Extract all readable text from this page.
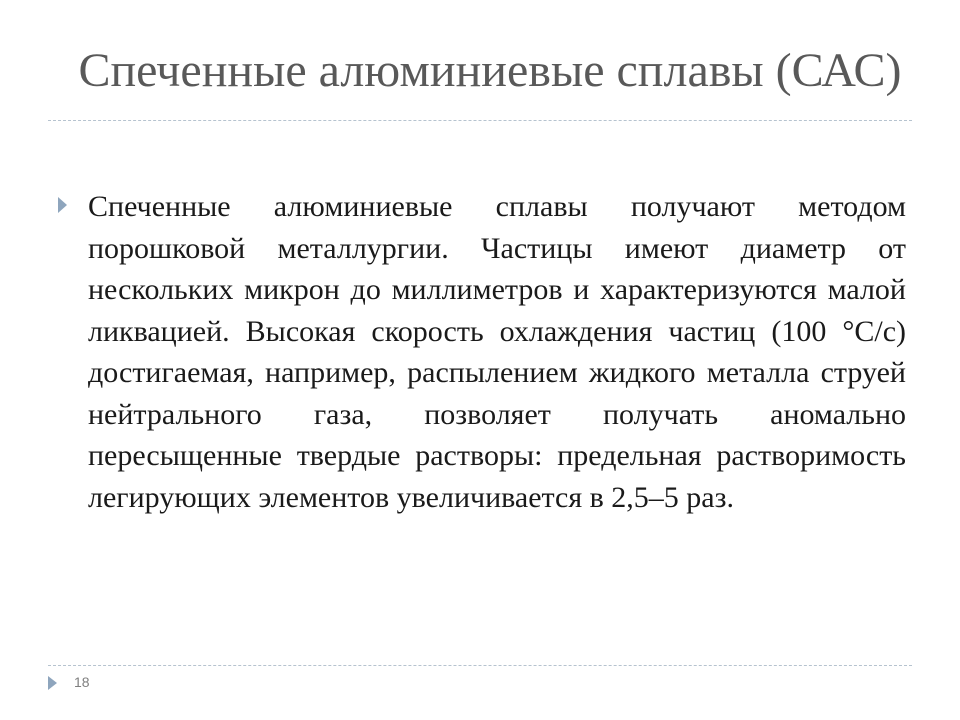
Спеченные алюминиевые сплавы (САС)

Спеченные алюминиевые сплавы получают методом порошковой металлургии. Частицы имеют диаметр от нескольких микрон до миллиметров и характеризуются малой ликвацией. Высокая скорость охлаждения частиц (100 °С/с) достигаемая, например, распылением жидкого металла струей нейтрального газа, позволяет получать аномально пересыщенные твердые растворы: предельная растворимость легирующих элементов увеличивается в 2,5–5 раз.

18
